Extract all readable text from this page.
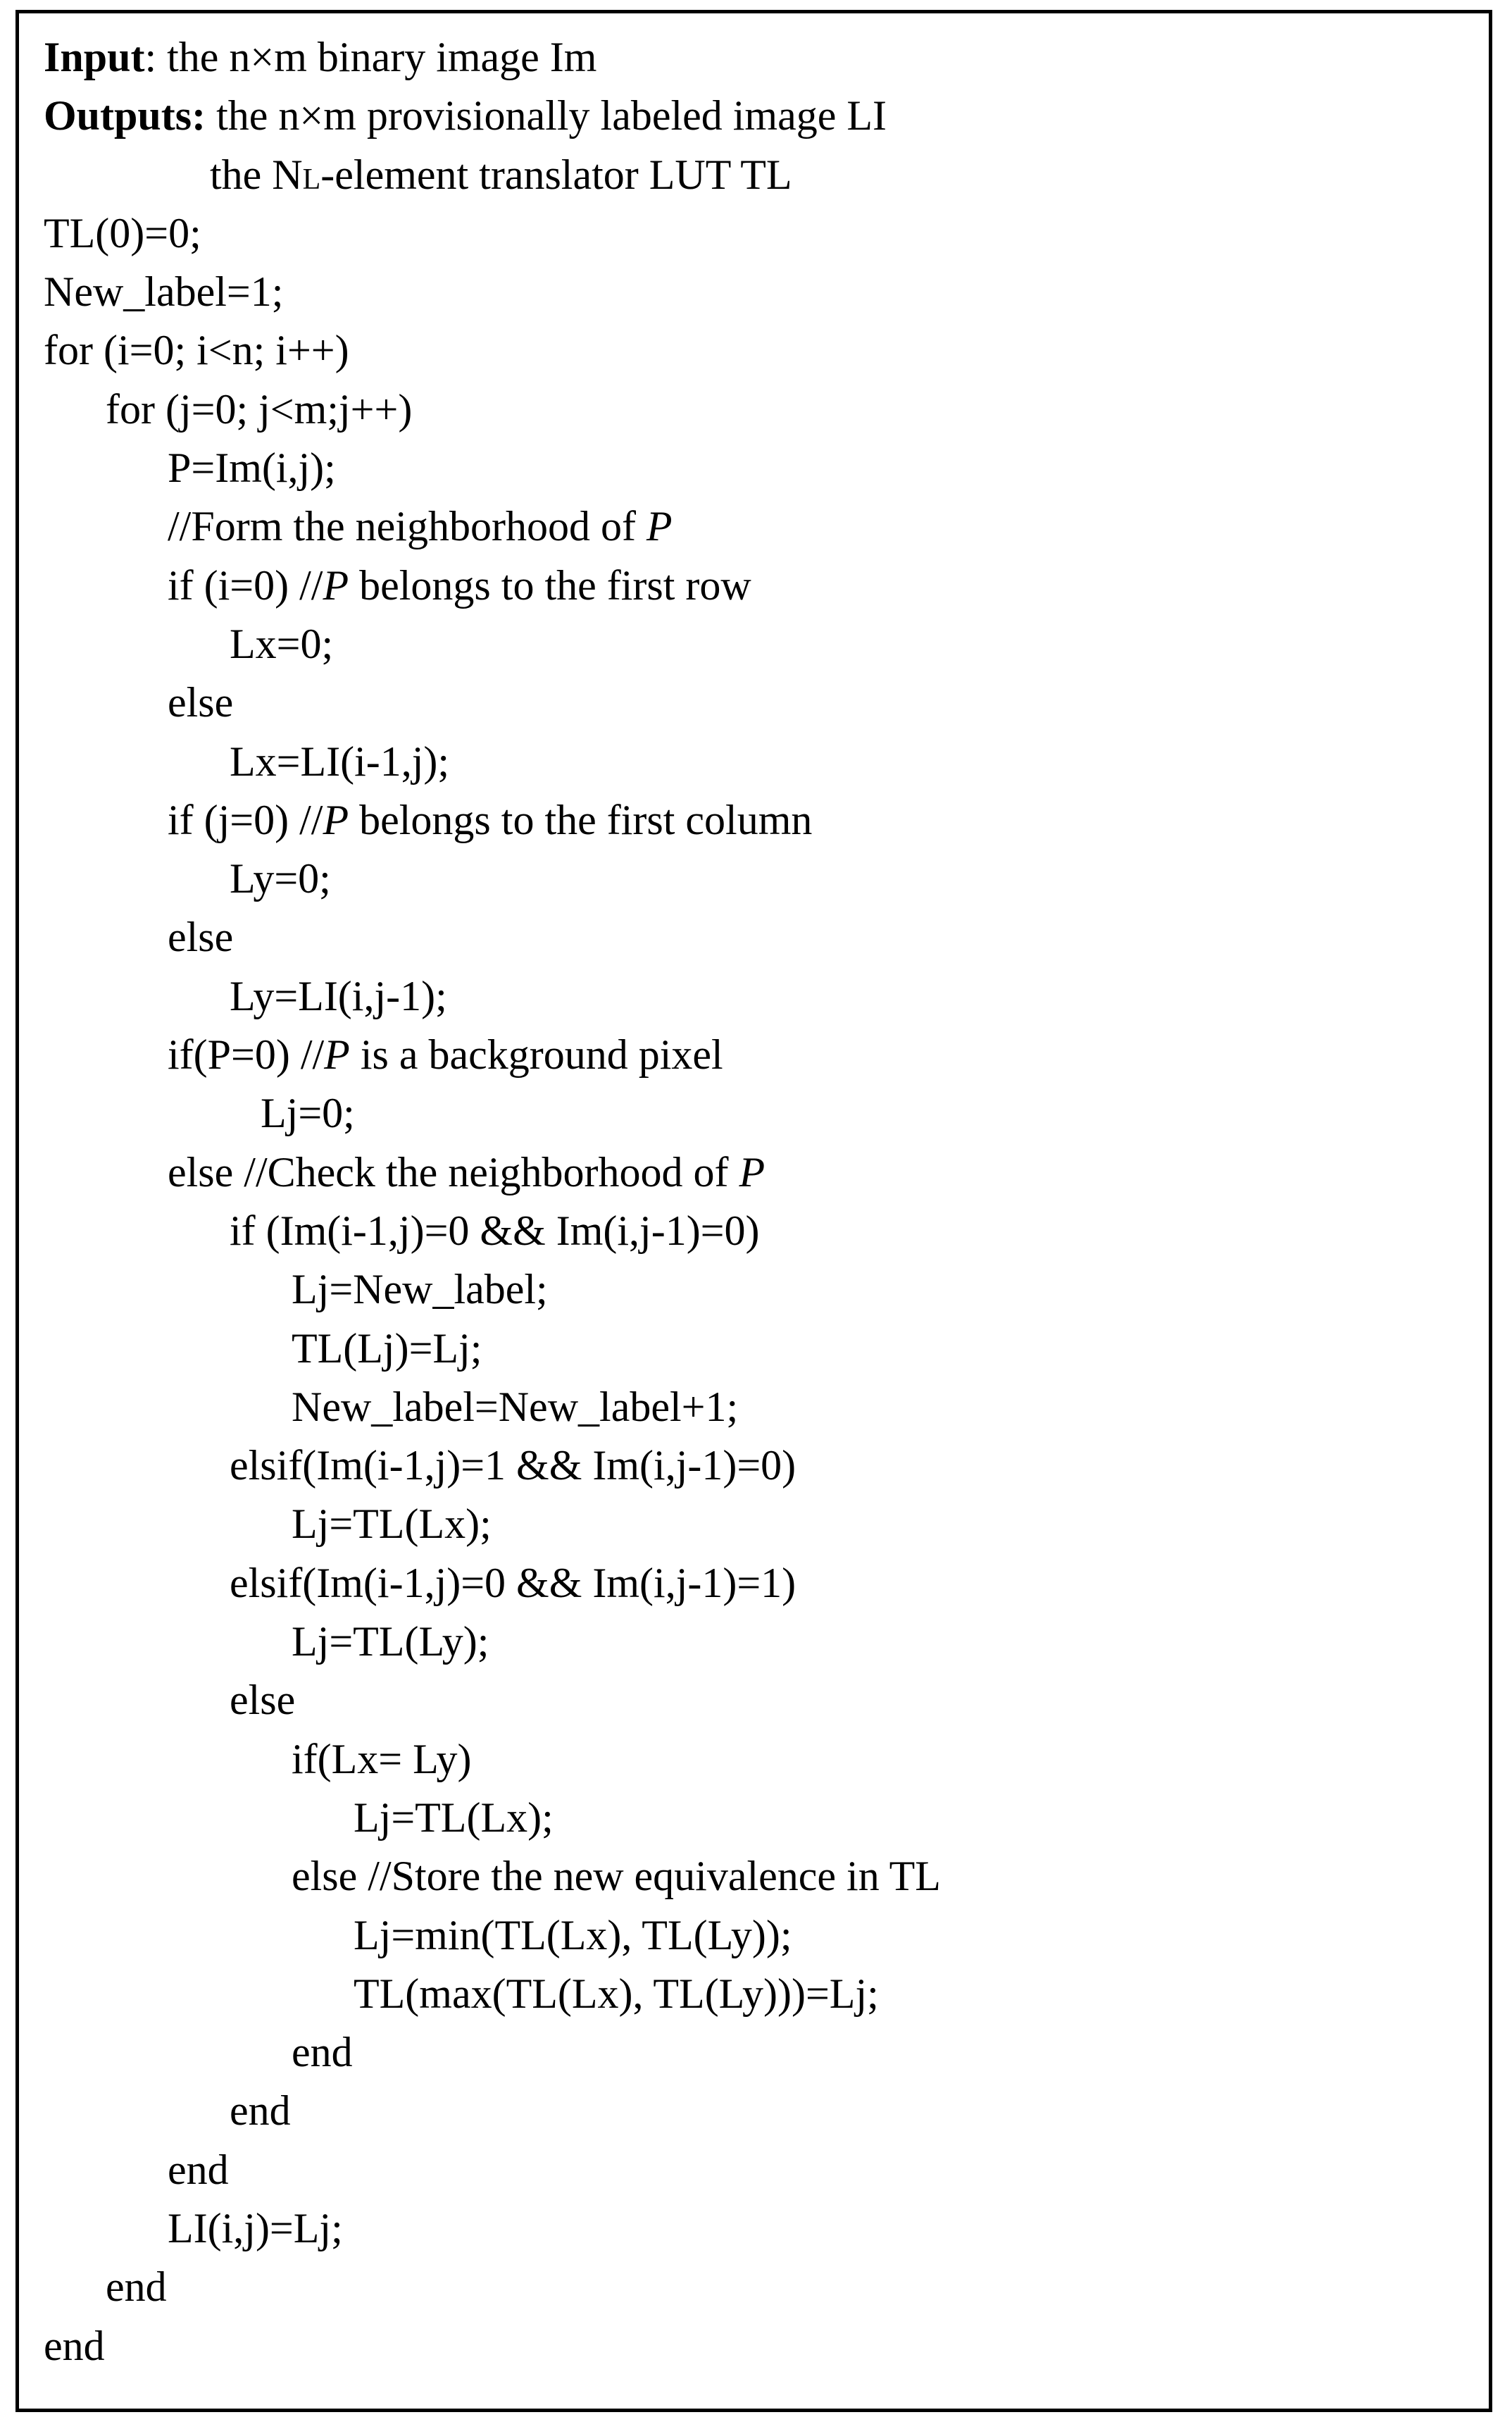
Input: the n×m binary image Im
Outputs: the n×m provisionally labeled image LI
the NL-element translator LUT TL
TL(0)=0;
New_label=1;
for (i=0; i<n; i++)
for (j=0; j<m;j++)
P=Im(i,j);
//Form the neighborhood of P
if (i=0) //P belongs to the first row
Lx=0;
else
Lx=LI(i-1,j);
if (j=0) //P belongs to the first column
Ly=0;
else
Ly=LI(i,j-1);
if(P=0) //P is a background pixel
Lj=0;
else //Check the neighborhood of P
if (Im(i-1,j)=0 && Im(i,j-1)=0)
Lj=New_label;
TL(Lj)=Lj;
New_label=New_label+1;
elsif(Im(i-1,j)=1 && Im(i,j-1)=0)
Lj=TL(Lx);
elsif(Im(i-1,j)=0 && Im(i,j-1)=1)
Lj=TL(Ly);
else
if(Lx= Ly)
Lj=TL(Lx);
else //Store the new equivalence in TL
Lj=min(TL(Lx), TL(Ly));
TL(max(TL(Lx), TL(Ly)))=Lj;
end
end
end
LI(i,j)=Lj;
end
end
